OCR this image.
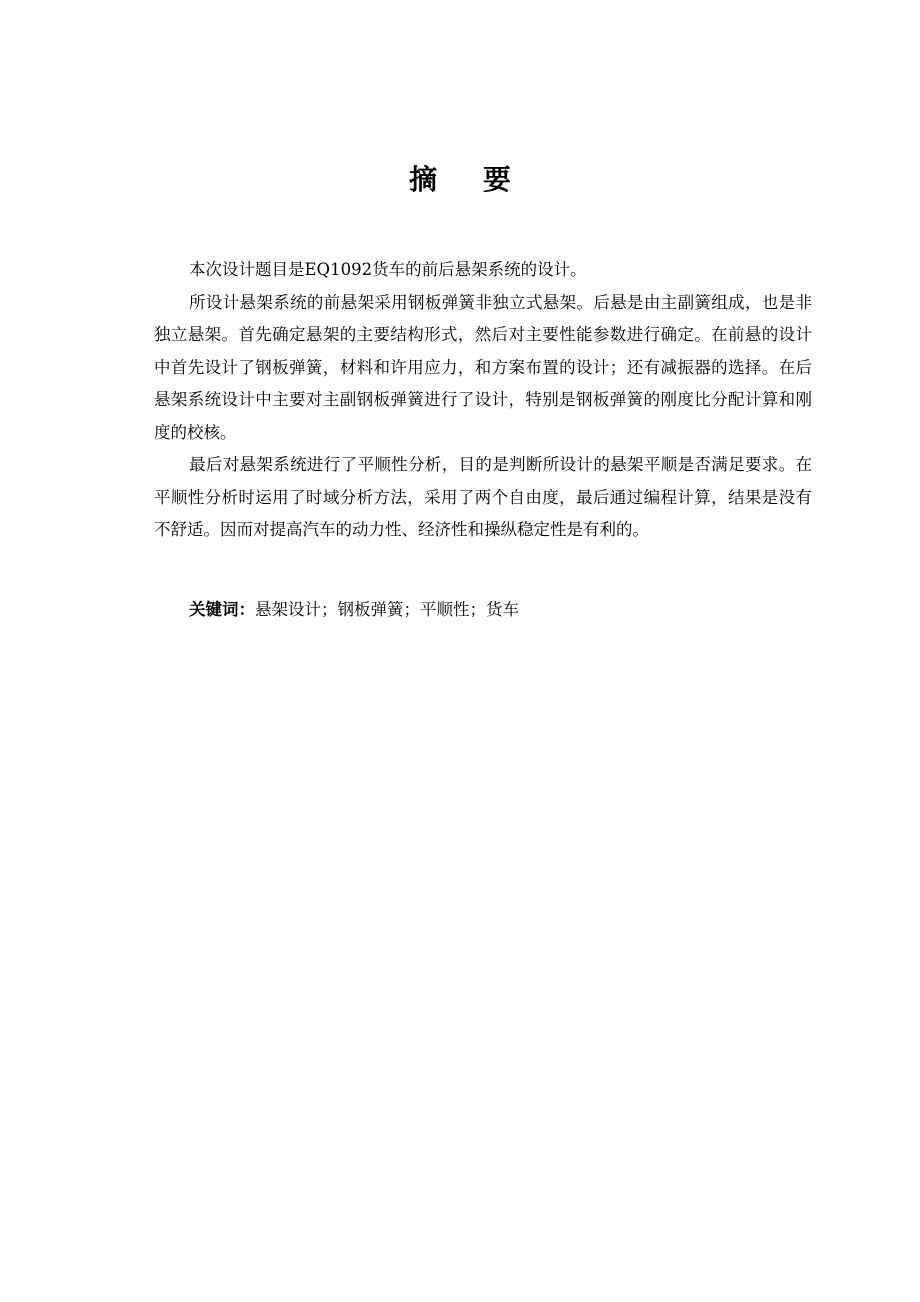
摘 要

本次设计题目是EQ1092货车的前后悬架系统的设计。

所设计悬架系统的前悬架采用钢板弹簧非独立式悬架。后悬是由主副簧组成，也是非独立悬架。首先确定悬架的主要结构形式，然后对主要性能参数进行确定。在前悬的设计中首先设计了钢板弹簧，材料和许用应力，和方案布置的设计；还有减振器的选择。在后悬架系统设计中主要对主副钢板弹簧进行了设计，特别是钢板弹簧的刚度比分配计算和刚度的校核。

最后对悬架系统进行了平顺性分析，目的是判断所设计的悬架平顺是否满足要求。在平顺性分析时运用了时域分析方法，采用了两个自由度，最后通过编程计算，结果是没有不舒适。因而对提高汽车的动力性、经济性和操纵稳定性是有利的。

关键词：悬架设计；钢板弹簧；平顺性；货车
